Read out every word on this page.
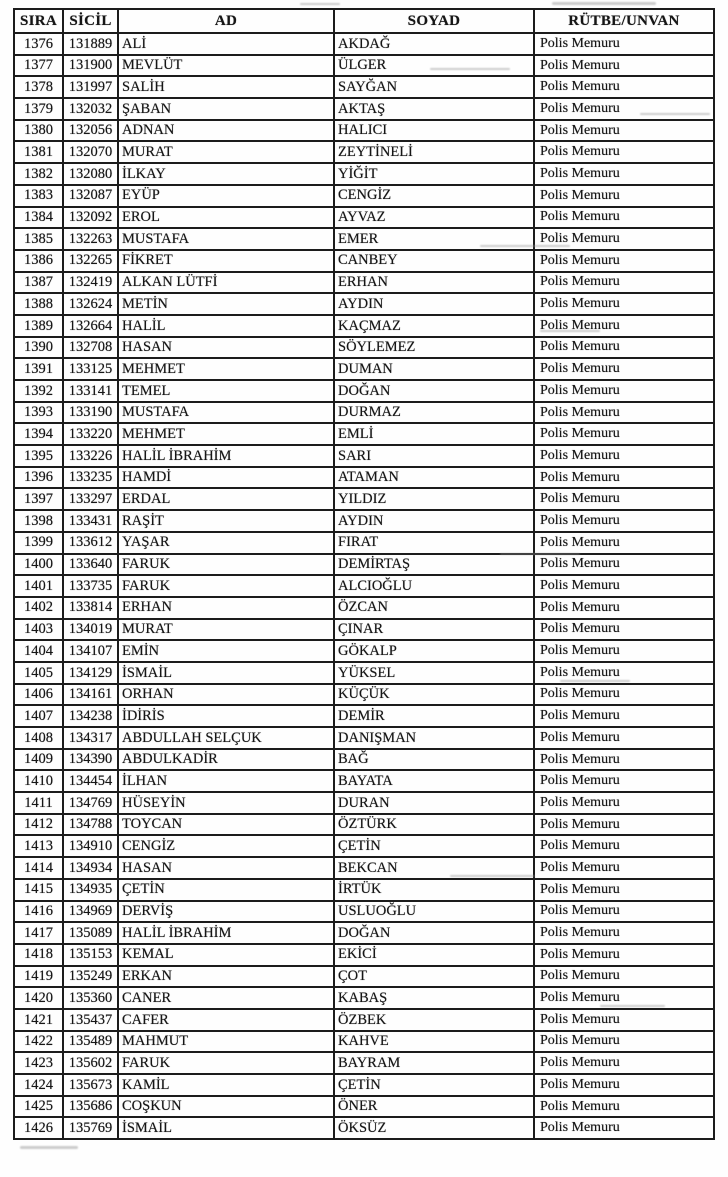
SIRA	SİCİL	AD	SOYAD	RÜTBE/UNVAN
1376	131889	ALİ	AKDAĞ	Polis Memuru
1377	131900	MEVLÜT	ÜLGER	Polis Memuru
1378	131997	SALİH	SAYĞAN	Polis Memuru
1379	132032	ŞABAN	AKTAŞ	Polis Memuru
1380	132056	ADNAN	HALICI	Polis Memuru
1381	132070	MURAT	ZEYTİNELİ	Polis Memuru
1382	132080	İLKAY	YİĞİT	Polis Memuru
1383	132087	EYÜP	CENGİZ	Polis Memuru
1384	132092	EROL	AYVAZ	Polis Memuru
1385	132263	MUSTAFA	EMER	Polis Memuru
1386	132265	FİKRET	CANBEY	Polis Memuru
1387	132419	ALKAN LÜTFİ	ERHAN	Polis Memuru
1388	132624	METİN	AYDIN	Polis Memuru
1389	132664	HALİL	KAÇMAZ	Polis Memuru
1390	132708	HASAN	SÖYLEMEZ	Polis Memuru
1391	133125	MEHMET	DUMAN	Polis Memuru
1392	133141	TEMEL	DOĞAN	Polis Memuru
1393	133190	MUSTAFA	DURMAZ	Polis Memuru
1394	133220	MEHMET	EMLİ	Polis Memuru
1395	133226	HALİL İBRAHİM	SARI	Polis Memuru
1396	133235	HAMDİ	ATAMAN	Polis Memuru
1397	133297	ERDAL	YILDIZ	Polis Memuru
1398	133431	RAŞİT	AYDIN	Polis Memuru
1399	133612	YAŞAR	FIRAT	Polis Memuru
1400	133640	FARUK	DEMİRTAŞ	Polis Memuru
1401	133735	FARUK	ALCIOĞLU	Polis Memuru
1402	133814	ERHAN	ÖZCAN	Polis Memuru
1403	134019	MURAT	ÇINAR	Polis Memuru
1404	134107	EMİN	GÖKALP	Polis Memuru
1405	134129	İSMAİL	YÜKSEL	Polis Memuru
1406	134161	ORHAN	KÜÇÜK	Polis Memuru
1407	134238	İDİRİS	DEMİR	Polis Memuru
1408	134317	ABDULLAH SELÇUK	DANIŞMAN	Polis Memuru
1409	134390	ABDULKADİR	BAĞ	Polis Memuru
1410	134454	İLHAN	BAYATA	Polis Memuru
1411	134769	HÜSEYİN	DURAN	Polis Memuru
1412	134788	TOYCAN	ÖZTÜRK	Polis Memuru
1413	134910	CENGİZ	ÇETİN	Polis Memuru
1414	134934	HASAN	BEKCAN	Polis Memuru
1415	134935	ÇETİN	İRTÜK	Polis Memuru
1416	134969	DERVİŞ	USLUOĞLU	Polis Memuru
1417	135089	HALİL İBRAHİM	DOĞAN	Polis Memuru
1418	135153	KEMAL	EKİCİ	Polis Memuru
1419	135249	ERKAN	ÇOT	Polis Memuru
1420	135360	CANER	KABAŞ	Polis Memuru
1421	135437	CAFER	ÖZBEK	Polis Memuru
1422	135489	MAHMUT	KAHVE	Polis Memuru
1423	135602	FARUK	BAYRAM	Polis Memuru
1424	135673	KAMİL	ÇETİN	Polis Memuru
1425	135686	COŞKUN	ÖNER	Polis Memuru
1426	135769	İSMAİL	ÖKSÜZ	Polis Memuru
